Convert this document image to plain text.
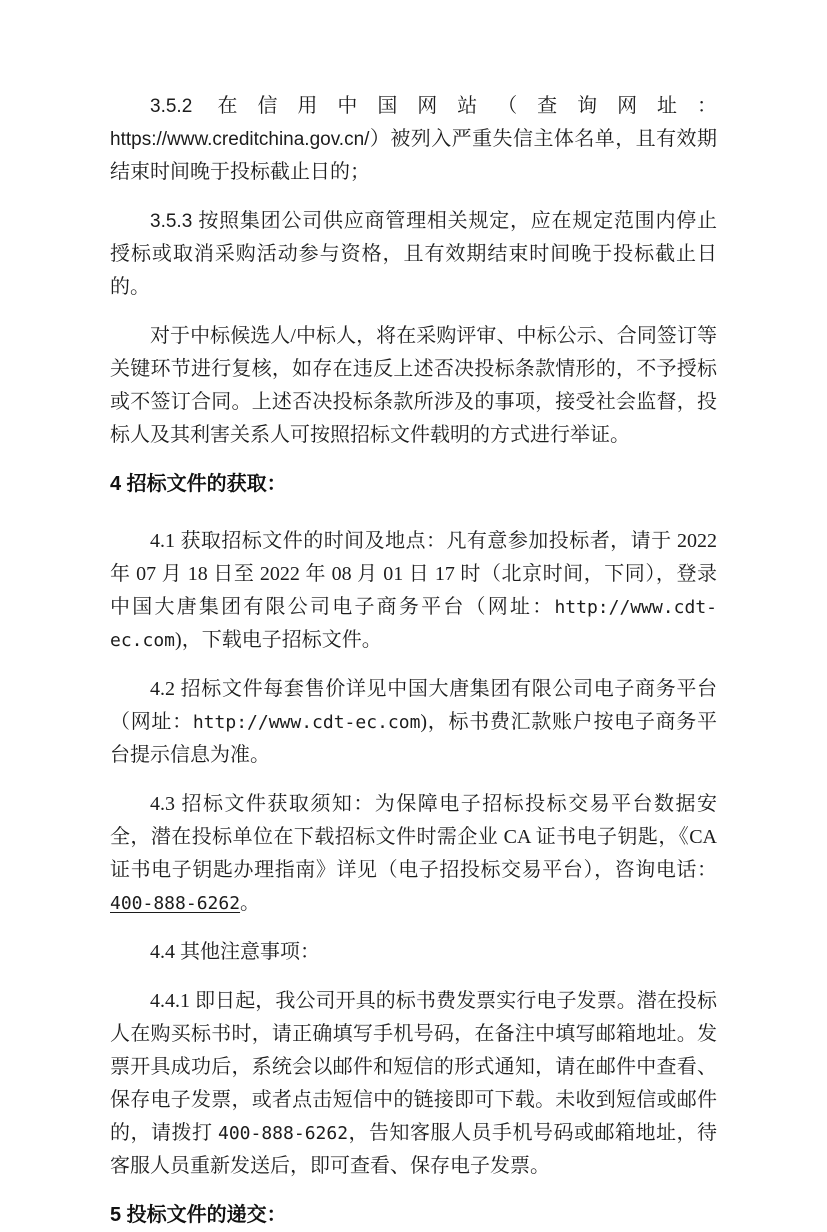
3.5.2 在信用中国网站（查询网址：https://www.creditchina.gov.cn/）被列入严重失信主体名单，且有效期结束时间晚于投标截止日的；

3.5.3 按照集团公司供应商管理相关规定，应在规定范围内停止授标或取消采购活动参与资格，且有效期结束时间晚于投标截止日的。

对于中标候选人/中标人，将在采购评审、中标公示、合同签订等关键环节进行复核，如存在违反上述否决投标条款情形的，不予授标或不签订合同。上述否决投标条款所涉及的事项，接受社会监督，投标人及其利害关系人可按照招标文件载明的方式进行举证。

4 招标文件的获取：

4.1 获取招标文件的时间及地点：凡有意参加投标者，请于 2022 年 07 月 18 日至 2022 年 08 月 01 日 17 时（北京时间，下同），登录中国大唐集团有限公司电子商务平台（网址：http://www.cdt-ec.com)，下载电子招标文件。

4.2 招标文件每套售价详见中国大唐集团有限公司电子商务平台（网址：http://www.cdt-ec.com)，标书费汇款账户按电子商务平台提示信息为准。

4.3 招标文件获取须知：为保障电子招标投标交易平台数据安全，潜在投标单位在下载招标文件时需企业 CA 证书电子钥匙，《CA 证书电子钥匙办理指南》详见（电子招投标交易平台），咨询电话：400-888-6262。

4.4 其他注意事项：

4.4.1 即日起，我公司开具的标书费发票实行电子发票。潜在投标人在购买标书时，请正确填写手机号码，在备注中填写邮箱地址。发票开具成功后，系统会以邮件和短信的形式通知，请在邮件中查看、保存电子发票，或者点击短信中的链接即可下载。未收到短信或邮件的，请拨打 400-888-6262，告知客服人员手机号码或邮箱地址，待客服人员重新发送后，即可查看、保存电子发票。

5 投标文件的递交：
